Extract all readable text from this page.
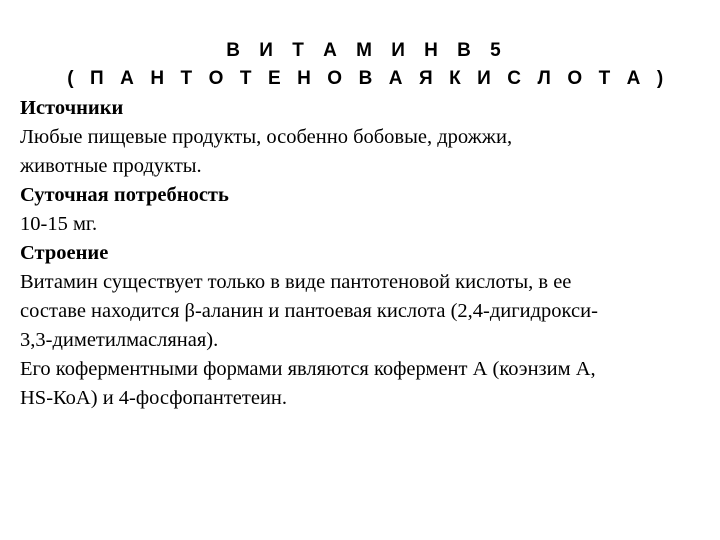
В И Т А М И Н В 5
( П А Н Т О Т Е Н О В А Я К И С Л О Т А )

Источники

Любые пищевые продукты, особенно бобовые, дрожжи,

животные продукты.

Суточная потребность

10-15 мг.

Строение

Витамин существует только в виде пантотеновой кислоты, в ее

составе находится β-аланин и пантоевая кислота (2,4-дигидрокси-

3,3-диметилмасляная).

Его коферментными формами являются кофермент А (коэнзим А,

HS-КоА) и 4-фосфопантетеин.
